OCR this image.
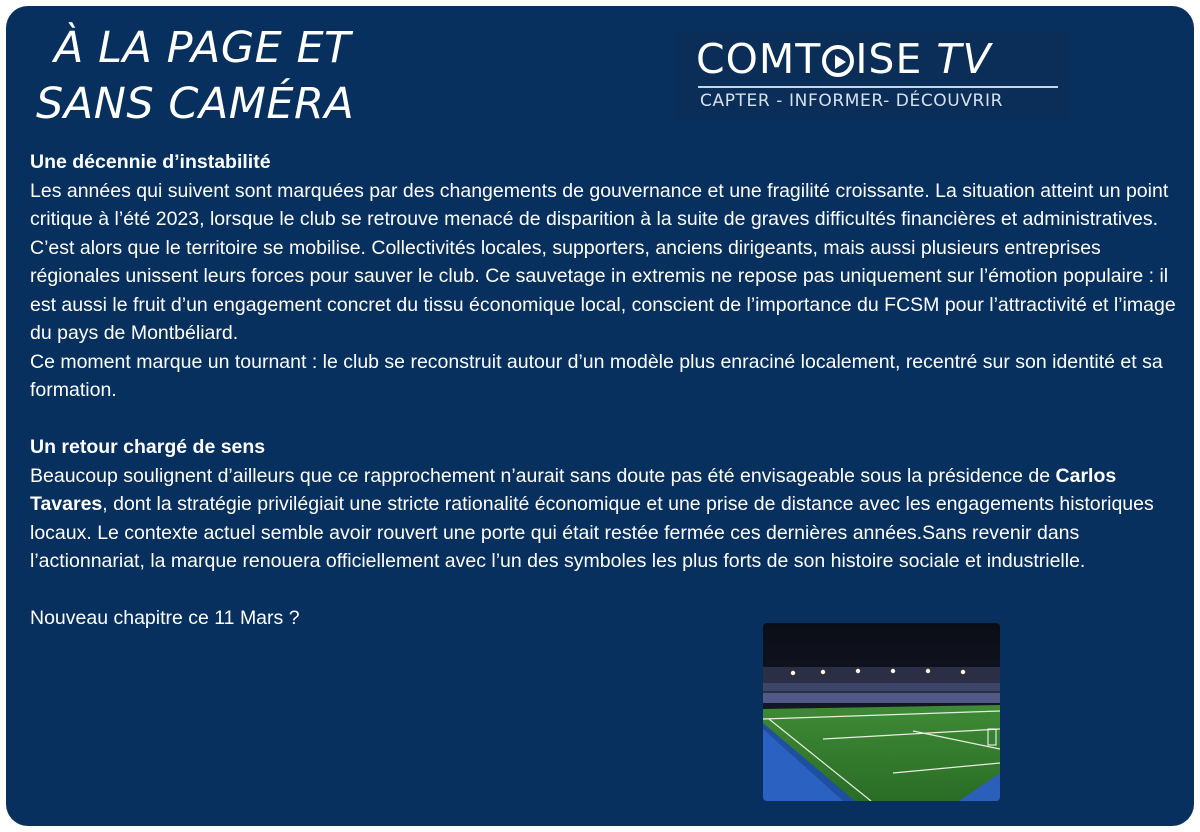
À LA PAGE ET
SANS CAMÉRA
COMT ISE TV
CAPTER - INFORMER- DÉCOUVRIR

Une décennie d’instabilité

Les années qui suivent sont marquées par des changements de gouvernance et une fragilité croissante. La situation atteint un point critique à l’été 2023, lorsque le club se retrouve menacé de disparition à la suite de graves difficultés financières et administratives.

C’est alors que le territoire se mobilise. Collectivités locales, supporters, anciens dirigeants, mais aussi plusieurs entreprises régionales unissent leurs forces pour sauver le club. Ce sauvetage in extremis ne repose pas uniquement sur l’émotion populaire : il est aussi le fruit d’un engagement concret du tissu économique local, conscient de l’importance du FCSM pour l’attractivité et l’image du pays de Montbéliard.

Ce moment marque un tournant : le club se reconstruit autour d’un modèle plus enraciné localement, recentré sur son identité et sa formation.

Un retour chargé de sens

Beaucoup soulignent d’ailleurs que ce rapprochement n’aurait sans doute pas été envisageable sous la présidence de Carlos Tavares, dont la stratégie privilégiait une stricte rationalité économique et une prise de distance avec les engagements historiques locaux. Le contexte actuel semble avoir rouvert une porte qui était restée fermée ces dernières années.Sans revenir dans l’actionnariat, la marque renouera officiellement avec l’un des symboles les plus forts de son histoire sociale et industrielle.

Nouveau chapitre ce 11 Mars ?
